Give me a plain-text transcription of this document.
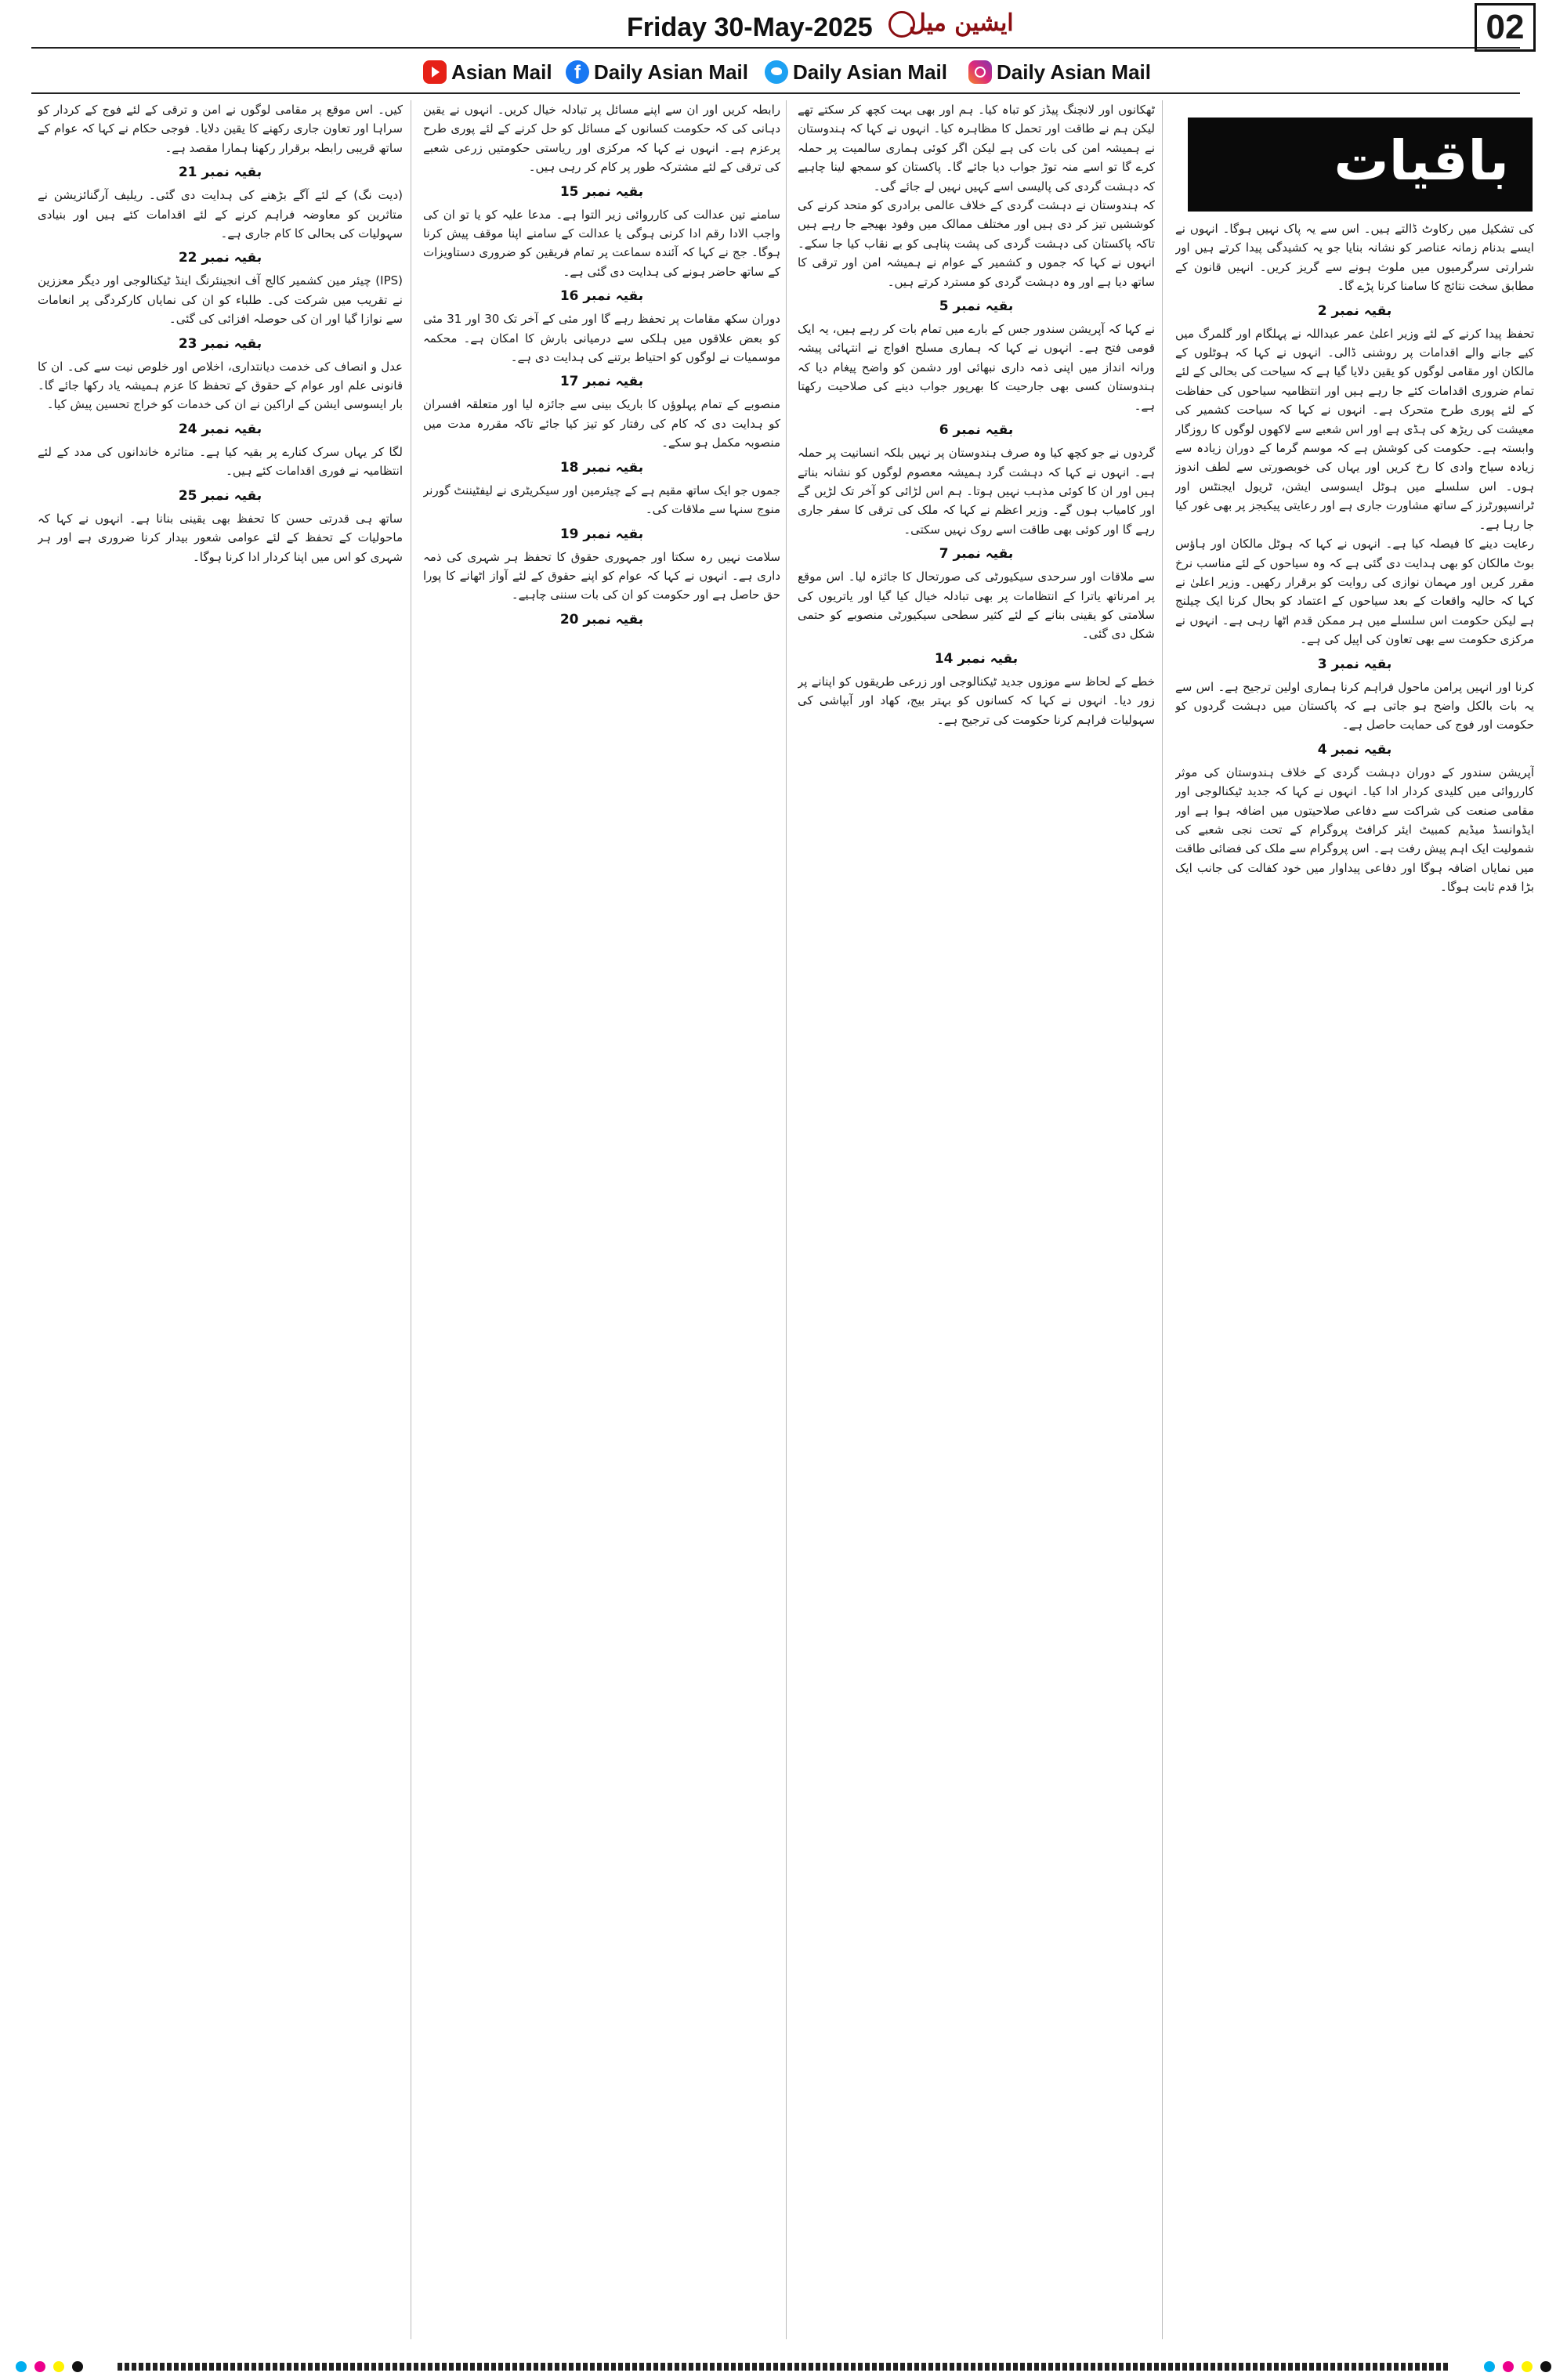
Friday 30-May-2025 ایشین میل	02
Asian Mail	f Daily Asian Mail Daily Asian Mail Daily Asian Mail
باقیات
کی تشکیل میں رکاوٹ ڈالتے ہیں۔ اس سے یہ پاک نہیں ہوگا۔ انہوں نے ایسے بدنام زمانہ عناصر کو نشانہ بنایا جو یہ کشیدگی پیدا کرتے ہیں اور شرارتی سرگرمیوں میں ملوث ہونے سے گریز کریں۔ انہیں قانون کے مطابق سخت نتائج کا سامنا کرنا پڑے گا۔
بقیہ نمبر 2
تحفظ پیدا کرنے کے لئے وزیر اعلیٰ عمر عبداللہ نے پہلگام اور گلمرگ میں کیے جانے والے اقدامات پر روشنی ڈالی۔ انہوں نے کہا کہ ہوٹلوں کے مالکان اور مقامی لوگوں کو یقین دلایا گیا ہے کہ سیاحت کی بحالی کے لئے تمام ضروری اقدامات کئے جا رہے ہیں اور انتظامیہ سیاحوں کی حفاظت کے لئے پوری طرح متحرک ہے۔ انہوں نے کہا کہ سیاحت کشمیر کی معیشت کی ریڑھ کی ہڈی ہے اور اس شعبے سے لاکھوں لوگوں کا روزگار وابستہ ہے۔ حکومت کی کوشش ہے کہ موسم گرما کے دوران زیادہ سے زیادہ سیاح وادی کا رخ کریں اور یہاں کی خوبصورتی سے لطف اندوز ہوں۔ اس سلسلے میں ہوٹل ایسوسی ایشن، ٹریول ایجنٹس اور ٹرانسپورٹرز کے ساتھ مشاورت جاری ہے اور رعایتی پیکیجز پر بھی غور کیا جا رہا ہے۔
رعایت دینے کا فیصلہ کیا ہے۔ انہوں نے کہا کہ ہوٹل مالکان اور ہاؤس بوٹ مالکان کو بھی ہدایت دی گئی ہے کہ وہ سیاحوں کے لئے مناسب نرخ مقرر کریں اور مہمان نوازی کی روایت کو برقرار رکھیں۔ وزیر اعلیٰ نے کہا کہ حالیہ واقعات کے بعد سیاحوں کے اعتماد کو بحال کرنا ایک چیلنج ہے لیکن حکومت اس سلسلے میں ہر ممکن قدم اٹھا رہی ہے۔ انہوں نے مرکزی حکومت سے بھی تعاون کی اپیل کی ہے۔
بقیہ نمبر 3
کرنا اور انہیں پرامن ماحول فراہم کرنا ہماری اولین ترجیح ہے۔ اس سے یہ بات بالکل واضح ہو جاتی ہے کہ پاکستان میں دہشت گردوں کو حکومت اور فوج کی حمایت حاصل ہے۔
بقیہ نمبر 4
آپریشن سندور کے دوران دہشت گردی کے خلاف ہندوستان کی موثر کارروائی میں کلیدی کردار ادا کیا۔ انہوں نے کہا کہ جدید ٹیکنالوجی اور مقامی صنعت کی شراکت سے دفاعی صلاحیتوں میں اضافہ ہوا ہے اور ایڈوانسڈ میڈیم کمبیٹ ایئر کرافٹ پروگرام کے تحت نجی شعبے کی شمولیت ایک اہم پیش رفت ہے۔ اس پروگرام سے ملک کی فضائی طاقت میں نمایاں اضافہ ہوگا اور دفاعی پیداوار میں خود کفالت کی جانب ایک بڑا قدم ثابت ہوگا۔
ٹھکانوں اور لانچنگ پیڈز کو تباہ کیا۔ ہم اور بھی بہت کچھ کر سکتے تھے لیکن ہم نے طاقت اور تحمل کا مظاہرہ کیا۔ انہوں نے کہا کہ ہندوستان نے ہمیشہ امن کی بات کی ہے لیکن اگر کوئی ہماری سالمیت پر حملہ کرے گا تو اسے منہ توڑ جواب دیا جائے گا۔ پاکستان کو سمجھ لینا چاہیے کہ دہشت گردی کی پالیسی اسے کہیں نہیں لے جائے گی۔
کہ ہندوستان نے دہشت گردی کے خلاف عالمی برادری کو متحد کرنے کی کوششیں تیز کر دی ہیں اور مختلف ممالک میں وفود بھیجے جا رہے ہیں تاکہ پاکستان کی دہشت گردی کی پشت پناہی کو بے نقاب کیا جا سکے۔ انہوں نے کہا کہ جموں و کشمیر کے عوام نے ہمیشہ امن اور ترقی کا ساتھ دیا ہے اور وہ دہشت گردی کو مسترد کرتے ہیں۔
بقیہ نمبر 5
نے کہا کہ آپریشن سندور جس کے بارے میں تمام بات کر رہے ہیں، یہ ایک قومی فتح ہے۔ انہوں نے کہا کہ ہماری مسلح افواج نے انتہائی پیشہ ورانہ انداز میں اپنی ذمہ داری نبھائی اور دشمن کو واضح پیغام دیا کہ ہندوستان کسی بھی جارحیت کا بھرپور جواب دینے کی صلاحیت رکھتا ہے۔
بقیہ نمبر 6
گردوں نے جو کچھ کیا وہ صرف ہندوستان پر نہیں بلکہ انسانیت پر حملہ ہے۔ انہوں نے کہا کہ دہشت گرد ہمیشہ معصوم لوگوں کو نشانہ بناتے ہیں اور ان کا کوئی مذہب نہیں ہوتا۔ ہم اس لڑائی کو آخر تک لڑیں گے اور کامیاب ہوں گے۔ وزیر اعظم نے کہا کہ ملک کی ترقی کا سفر جاری رہے گا اور کوئی بھی طاقت اسے روک نہیں سکتی۔
بقیہ نمبر 7
سے ملاقات اور سرحدی سیکیورٹی کی صورتحال کا جائزہ لیا۔ اس موقع پر امرناتھ یاترا کے انتظامات پر بھی تبادلہ خیال کیا گیا اور یاتریوں کی سلامتی کو یقینی بنانے کے لئے کثیر سطحی سیکیورٹی منصوبے کو حتمی شکل دی گئی۔
بقیہ نمبر 14
خطے کے لحاظ سے موزوں جدید ٹیکنالوجی اور زرعی طریقوں کو اپنانے پر زور دیا۔ انہوں نے کہا کہ کسانوں کو بہتر بیج، کھاد اور آبپاشی کی سہولیات فراہم کرنا حکومت کی ترجیح ہے۔
رابطہ کریں اور ان سے اپنے مسائل پر تبادلہ خیال کریں۔ انہوں نے یقین دہانی کی کہ حکومت کسانوں کے مسائل کو حل کرنے کے لئے پوری طرح پرعزم ہے۔ انہوں نے کہا کہ مرکزی اور ریاستی حکومتیں زرعی شعبے کی ترقی کے لئے مشترکہ طور پر کام کر رہی ہیں۔
بقیہ نمبر 15
سامنے تین عدالت کی کارروائی زیر التوا ہے۔ مدعا علیہ کو یا تو ان کی واجب الادا رقم ادا کرنی ہوگی یا عدالت کے سامنے اپنا موقف پیش کرنا ہوگا۔ جج نے کہا کہ آئندہ سماعت پر تمام فریقین کو ضروری دستاویزات کے ساتھ حاضر ہونے کی ہدایت دی گئی ہے۔
بقیہ نمبر 16
دوران سکھ مقامات پر تحفظ رہے گا اور مئی کے آخر تک 30 اور 31 مئی کو بعض علاقوں میں ہلکی سے درمیانی بارش کا امکان ہے۔ محکمہ موسمیات نے لوگوں کو احتیاط برتنے کی ہدایت دی ہے۔
بقیہ نمبر 17
منصوبے کے تمام پہلوؤں کا باریک بینی سے جائزہ لیا اور متعلقہ افسران کو ہدایت دی کہ کام کی رفتار کو تیز کیا جائے تاکہ مقررہ مدت میں منصوبہ مکمل ہو سکے۔
بقیہ نمبر 18
جموں جو ایک ساتھ مقیم ہے کے چیئرمین اور سیکریٹری نے لیفٹیننٹ گورنر منوج سنہا سے ملاقات کی۔
بقیہ نمبر 19
سلامت نہیں رہ سکتا اور جمہوری حقوق کا تحفظ ہر شہری کی ذمہ داری ہے۔ انہوں نے کہا کہ عوام کو اپنے حقوق کے لئے آواز اٹھانے کا پورا حق حاصل ہے اور حکومت کو ان کی بات سننی چاہیے۔
بقیہ نمبر 20
کیں۔ اس موقع پر مقامی لوگوں نے امن و ترقی کے لئے فوج کے کردار کو سراہا اور تعاون جاری رکھنے کا یقین دلایا۔ فوجی حکام نے کہا کہ عوام کے ساتھ قریبی رابطہ برقرار رکھنا ہمارا مقصد ہے۔
بقیہ نمبر 21
(دیت نگ) کے لئے آگے بڑھنے کی ہدایت دی گئی۔ ریلیف آرگنائزیشن نے متاثرین کو معاوضہ فراہم کرنے کے لئے اقدامات کئے ہیں اور بنیادی سہولیات کی بحالی کا کام جاری ہے۔
بقیہ نمبر 22
(IPS) چیئر مین کشمیر کالج آف انجینئرنگ اینڈ ٹیکنالوجی اور دیگر معززین نے تقریب میں شرکت کی۔ طلباء کو ان کی نمایاں کارکردگی پر انعامات سے نوازا گیا اور ان کی حوصلہ افزائی کی گئی۔
بقیہ نمبر 23
عدل و انصاف کی خدمت دیانتداری، اخلاص اور خلوص نیت سے کی۔ ان کا قانونی علم اور عوام کے حقوق کے تحفظ کا عزم ہمیشہ یاد رکھا جائے گا۔ بار ایسوسی ایشن کے اراکین نے ان کی خدمات کو خراج تحسین پیش کیا۔
بقیہ نمبر 24
لگا کر یہاں سرک کنارے پر بقیہ کیا ہے۔ متاثرہ خاندانوں کی مدد کے لئے انتظامیہ نے فوری اقدامات کئے ہیں۔
بقیہ نمبر 25
ساتھ ہی قدرتی حسن کا تحفظ بھی یقینی بنانا ہے۔ انہوں نے کہا کہ ماحولیات کے تحفظ کے لئے عوامی شعور بیدار کرنا ضروری ہے اور ہر شہری کو اس میں اپنا کردار ادا کرنا ہوگا۔
